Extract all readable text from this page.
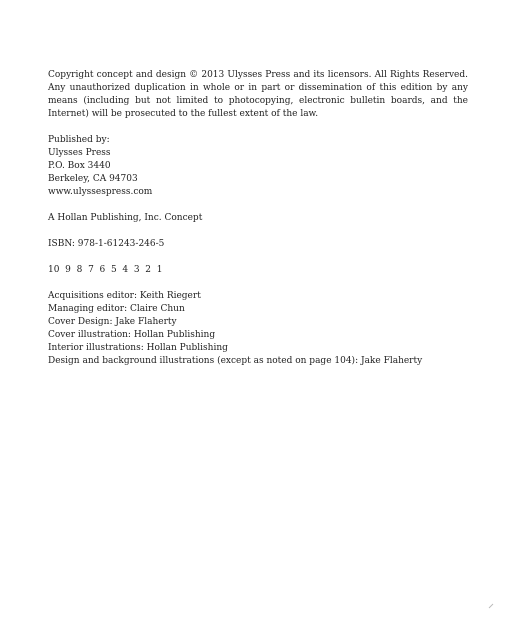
Copyright concept and design © 2013 Ulysses Press and its licensors. All Rights Reserved. Any unauthorized duplication in whole or in part or dissemination of this edition by any means (including but not limited to photocopying, electronic bulletin boards, and the Internet) will be prosecuted to the fullest extent of the law.
Published by:
Ulysses Press
P.O. Box 3440
Berkeley, CA 94703
www.ulyssespress.com
A Hollan Publishing, Inc. Concept
ISBN: 978-1-61243-246-5
10  9  8  7  6  5  4  3  2  1
Acquisitions editor: Keith Riegert
Managing editor: Claire Chun
Cover Design: Jake Flaherty
Cover illustration: Hollan Publishing
Interior illustrations: Hollan Publishing
Design and background illustrations (except as noted on page 104): Jake Flaherty
